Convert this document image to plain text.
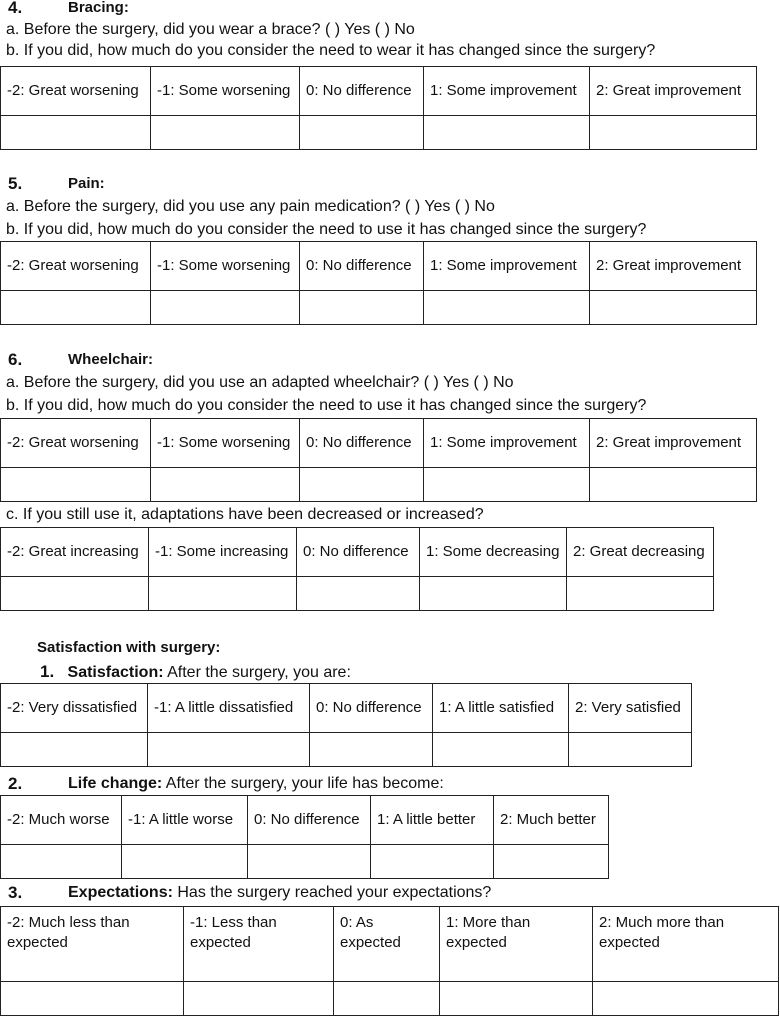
4.	Bracing:
a. Before the surgery, did you wear a brace? ( ) Yes ( ) No
b. If you did, how much do you consider the need to wear it has changed since the surgery?
5.	Pain:
a. Before the surgery, did you use any pain medication? ( ) Yes ( ) No
b. If you did, how much do you consider the need to use it has changed since the surgery?
6.	Wheelchair:
a. Before the surgery, did you use an adapted wheelchair? ( ) Yes ( ) No
b. If you did, how much do you consider the need to use it has changed since the surgery?
c. If you still use it, adaptations have been decreased or increased?
Satisfaction with surgery:
1. Satisfaction: After the surgery, you are:
2.	Life change: After the surgery, your life has become:
3.	Expectations: Has the surgery reached your expectations?
-2: Great worsening	-1: Some worsening	0: No difference	1: Some improvement	2: Great improvement

-2: Great worsening	-1: Some worsening	0: No difference	1: Some improvement	2: Great improvement

-2: Great worsening	-1: Some worsening	0: No difference	1: Some improvement	2: Great improvement

-2: Great increasing	-1: Some increasing	0: No difference	1: Some decreasing	2: Great decreasing

-2: Very dissatisfied	-1: A little dissatisfied	0: No difference	1: A little satisfied	2: Very satisfied

-2: Much worse	-1: A little worse	0: No difference	1: A little better	2: Much better

-2: Much less than expected	-1: Less than expected	0: As expected	1: More than expected	2: Much more than expected
